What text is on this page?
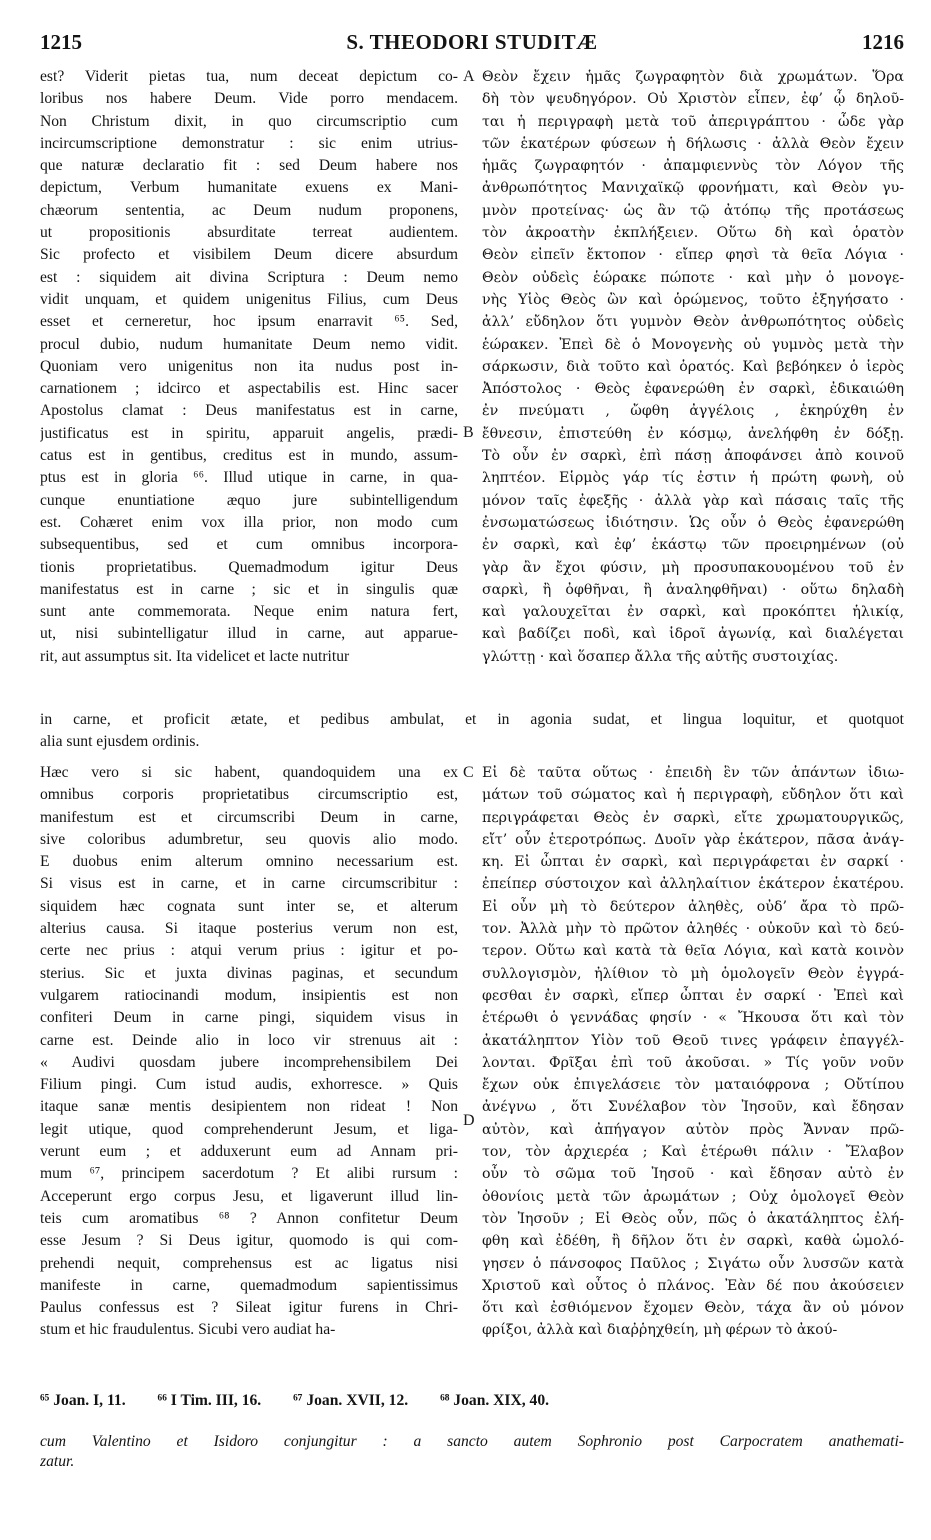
1215	S. THEODORI STUDITÆ	1216
est? Viderit pietas tua, num deceat depictum co-
loribus nos habere Deum. Vide porro mendacem.
Non Christum dixit, in quo circumscriptio cum
incircumscriptione demonstratur : sic enim utrius-
que naturæ declaratio fit : sed Deum habere nos
depictum, Verbum humanitate exuens ex Mani-
chæorum sententia, ac Deum nudum proponens,
ut propositionis absurditate terreat audientem.
Sic profecto et visibilem Deum dicere absurdum
est : siquidem ait divina Scriptura : Deum nemo
vidit unquam, et quidem unigenitus Filius, cum Deus
esset et cerneretur, hoc ipsum enarravit ⁶⁵. Sed,
procul dubio, nudum humanitate Deum nemo vidit.
Quoniam vero unigenitus non ita nudus post in-
carnationem ; idcirco et aspectabilis est. Hinc sacer
Apostolus clamat : Deus manifestatus est in carne,
justificatus est in spiritu, apparuit angelis, prædi-
catus est in gentibus, creditus est in mundo, assum-
ptus est in gloria ⁶⁶. Illud utique in carne, in qua-
cunque enuntiatione æquo jure subintelligendum
est. Cohæret enim vox illa prior, non modo cum
subsequentibus, sed et cum omnibus incorpora-
tionis proprietatibus. Quemadmodum igitur Deus
manifestatus est in carne ; sic et in singulis quæ
sunt ante commemorata. Neque enim natura fert,
ut, nisi subintelligatur illud in carne, aut apparue-
rit, aut assumptus sit. Ita videlicet et lacte nutritur
Θεὸν ἔχειν ἡμᾶς ζωγραφητὸν διὰ χρωμάτων. Ὅρα
δὴ τὸν ψευδηγόρον. Οὐ Χριστὸν εἶπεν, ἐφ’ ᾧ δηλοῦ-
ται ἡ περιγραφὴ μετὰ τοῦ ἀπεριγράπτου · ὧδε γὰρ
τῶν ἑκατέρων φύσεων ἡ δήλωσις · ἀλλὰ Θεὸν ἔχειν
ἡμᾶς ζωγραφητόν · ἀπαμφιεννὺς τὸν Λόγον τῆς
ἀνθρωπότητος Μανιχαϊκῷ φρονήματι, καὶ Θεὸν γυ-
μνὸν προτείνας· ὡς ἂν τῷ ἀτόπῳ τῆς προτάσεως
τὸν ἀκροατὴν ἐκπλήξειεν. Οὕτω δὴ καὶ ὁρατὸν
Θεὸν εἰπεῖν ἔκτοπον · εἴπερ φησὶ τὰ θεῖα Λόγια ·
Θεὸν οὐδεὶς ἑώρακε πώποτε · καὶ μὴν ὁ μονογε-
νὴς Υἱὸς Θεὸς ὢν καὶ ὁρώμενος, τοῦτο ἐξηγήσατο ·
ἀλλ’ εὔδηλον ὅτι γυμνὸν Θεὸν ἀνθρωπότητος οὐδεὶς
ἑώρακεν. Ἐπεὶ δὲ ὁ Μονογενὴς οὐ γυμνὸς μετὰ τὴν
σάρκωσιν, διὰ τοῦτο καὶ ὁρατός. Καὶ βεβόηκεν ὁ ἱερὸς
Ἀπόστολος · Θεὸς ἐφανερώθη ἐν σαρκὶ, ἐδικαιώθη
ἐν πνεύματι , ὤφθη ἀγγέλοις , ἐκηρύχθη ἐν
ἔθνεσιν, ἐπιστεύθη ἐν κόσμῳ, ἀνελήφθη ἐν δόξῃ.
Τὸ οὖν ἐν σαρκὶ, ἐπὶ πάσῃ ἀποφάνσει ἀπὸ κοινοῦ
ληπτέον. Εἱρμὸς γάρ τίς ἐστιν ἡ πρώτη φωνὴ, οὐ
μόνον ταῖς ἐφεξῆς · ἀλλὰ γὰρ καὶ πάσαις ταῖς τῆς
ἐνσωματώσεως ἰδιότησιν. Ὡς οὖν ὁ Θεὸς ἐφανερώθη
ἐν σαρκὶ, καὶ ἐφ’ ἑκάστῳ τῶν προειρημένων (οὐ
γὰρ ἂν ἔχοι φύσιν, μὴ προσυπακουομένου τοῦ ἐν
σαρκὶ, ἢ ὀφθῆναι, ἢ ἀναληφθῆναι) · οὕτω δηλαδὴ
καὶ γαλουχεῖται ἐν σαρκὶ, καὶ προκόπτει ἡλικίᾳ,
καὶ βαδίζει ποδὶ, καὶ ἱδροῖ ἀγωνίᾳ, καὶ διαλέγεται
γλώττῃ · καὶ ὅσαπερ ἄλλα τῆς αὐτῆς συστοιχίας.
A
B
C
D
in carne, et proficit ætate, et pedibus ambulat, et in agonia sudat, et lingua loquitur, et quotquot
alia sunt ejusdem ordinis.
Hæc vero si sic habent, quandoquidem una ex
omnibus corporis proprietatibus circumscriptio est,
manifestum est et circumscribi Deum in carne,
sive coloribus adumbretur, seu quovis alio modo.
E duobus enim alterum omnino necessarium est.
Si visus est in carne, et in carne circumscribitur :
siquidem hæc cognata sunt inter se, et alterum
alterius causa. Si itaque posterius verum non est,
certe nec prius : atqui verum prius : igitur et po-
sterius. Sic et juxta divinas paginas, et secundum
vulgarem ratiocinandi modum, insipientis est non
confiteri Deum in carne pingi, siquidem visus in
carne est. Deinde alio in loco vir strenuus ait :
« Audivi quosdam jubere incomprehensibilem Dei
Filium pingi. Cum istud audis, exhorresce. » Quis
itaque sanæ mentis desipientem non rideat ! Non
legit utique, quod comprehenderunt Jesum, et liga-
verunt eum ; et adduxerunt eum ad Annam pri-
mum ⁶⁷, principem sacerdotum ? Et alibi rursum :
Acceperunt ergo corpus Jesu, et ligaverunt illud lin-
teis cum aromatibus ⁶⁸ ? Annon confitetur Deum
esse Jesum ? Si Deus igitur, quomodo is qui com-
prehendi nequit, comprehensus est ac ligatus nisi
manifeste in carne, quemadmodum sapientissimus
Paulus confessus est ? Sileat igitur furens in Chri-
stum et hic fraudulentus. Sicubi vero audiat ha-
Εἰ δὲ ταῦτα οὕτως · ἐπειδὴ ἓν τῶν ἁπάντων ἰδιω-
μάτων τοῦ σώματος καὶ ἡ περιγραφὴ, εὔδηλον ὅτι καὶ
περιγράφεται Θεὸς ἐν σαρκὶ, εἴτε χρωματουργικῶς,
εἴτ’ οὖν ἑτεροτρόπως. Δυοῖν γὰρ ἑκάτερον, πᾶσα ἀνάγ-
κη. Εἰ ὦπται ἐν σαρκὶ, καὶ περιγράφεται ἐν σαρκί ·
ἐπείπερ σύστοιχον καὶ ἀλληλαίτιον ἑκάτερον ἑκατέρου.
Εἰ οὖν μὴ τὸ δεύτερον ἀληθὲς, οὐδ’ ἄρα τὸ πρῶ-
τον. Ἀλλὰ μὴν τὸ πρῶτον ἀληθές · οὐκοῦν καὶ τὸ δεύ-
τερον. Οὕτω καὶ κατὰ τὰ θεῖα Λόγια, καὶ κατὰ κοινὸν
συλλογισμὸν, ἠλίθιον τὸ μὴ ὁμολογεῖν Θεὸν ἐγγρά-
φεσθαι ἐν σαρκὶ, εἴπερ ὦπται ἐν σαρκί · Ἐπεὶ καὶ
ἑτέρωθι ὁ γεννάδας φησίν · « Ἤκουσα ὅτι καὶ τὸν
ἀκατάληπτον Υἱὸν τοῦ Θεοῦ τινες γράφειν ἐπαγγέλ-
λονται. Φρῖξαι ἐπὶ τοῦ ἀκοῦσαι. » Τίς γοῦν νοῦν
ἔχων οὐκ ἐπιγελάσειε τὸν ματαιόφρονα ; Οὔτίπου
ἀνέγνω , ὅτι Συνέλαβον τὸν Ἰησοῦν, καὶ ἔδησαν
αὐτὸν, καὶ ἀπήγαγον αὐτὸν πρὸς Ἄνναν πρῶ-
τον, τὸν ἀρχιερέα ; Καὶ ἑτέρωθι πάλιν · Ἔλαβον
οὖν τὸ σῶμα τοῦ Ἰησοῦ · καὶ ἔδησαν αὐτὸ ἐν
ὀθονίοις μετὰ τῶν ἀρωμάτων ; Οὐχ ὁμολογεῖ Θεὸν
τὸν Ἰησοῦν ; Εἰ Θεὸς οὖν, πῶς ὁ ἀκατάληπτος ἐλή-
φθη καὶ ἐδέθη, ἢ δῆλον ὅτι ἐν σαρκὶ, καθὰ ὡμολό-
γησεν ὁ πάνσοφος Παῦλος ; Σιγάτω οὖν λυσσῶν κατὰ
Χριστοῦ καὶ οὗτος ὁ πλάνος. Ἐὰν δέ που ἀκούσειεν
ὅτι καὶ ἐσθιόμενον ἔχομεν Θεὸν, τάχα ἂν οὐ μόνον
φρίξοι, ἀλλὰ καὶ διαῤῥηχθείη, μὴ φέρων τὸ ἀκού-
⁶⁵ Joan. I, 11. ⁶⁶ I Tim. III, 16. ⁶⁷ Joan. XVII, 12. ⁶⁸ Joan. XIX, 40.
cum Valentino et Isidoro conjungitur : a sancto autem Sophronio post Carpocratem anathemati-
zatur.
